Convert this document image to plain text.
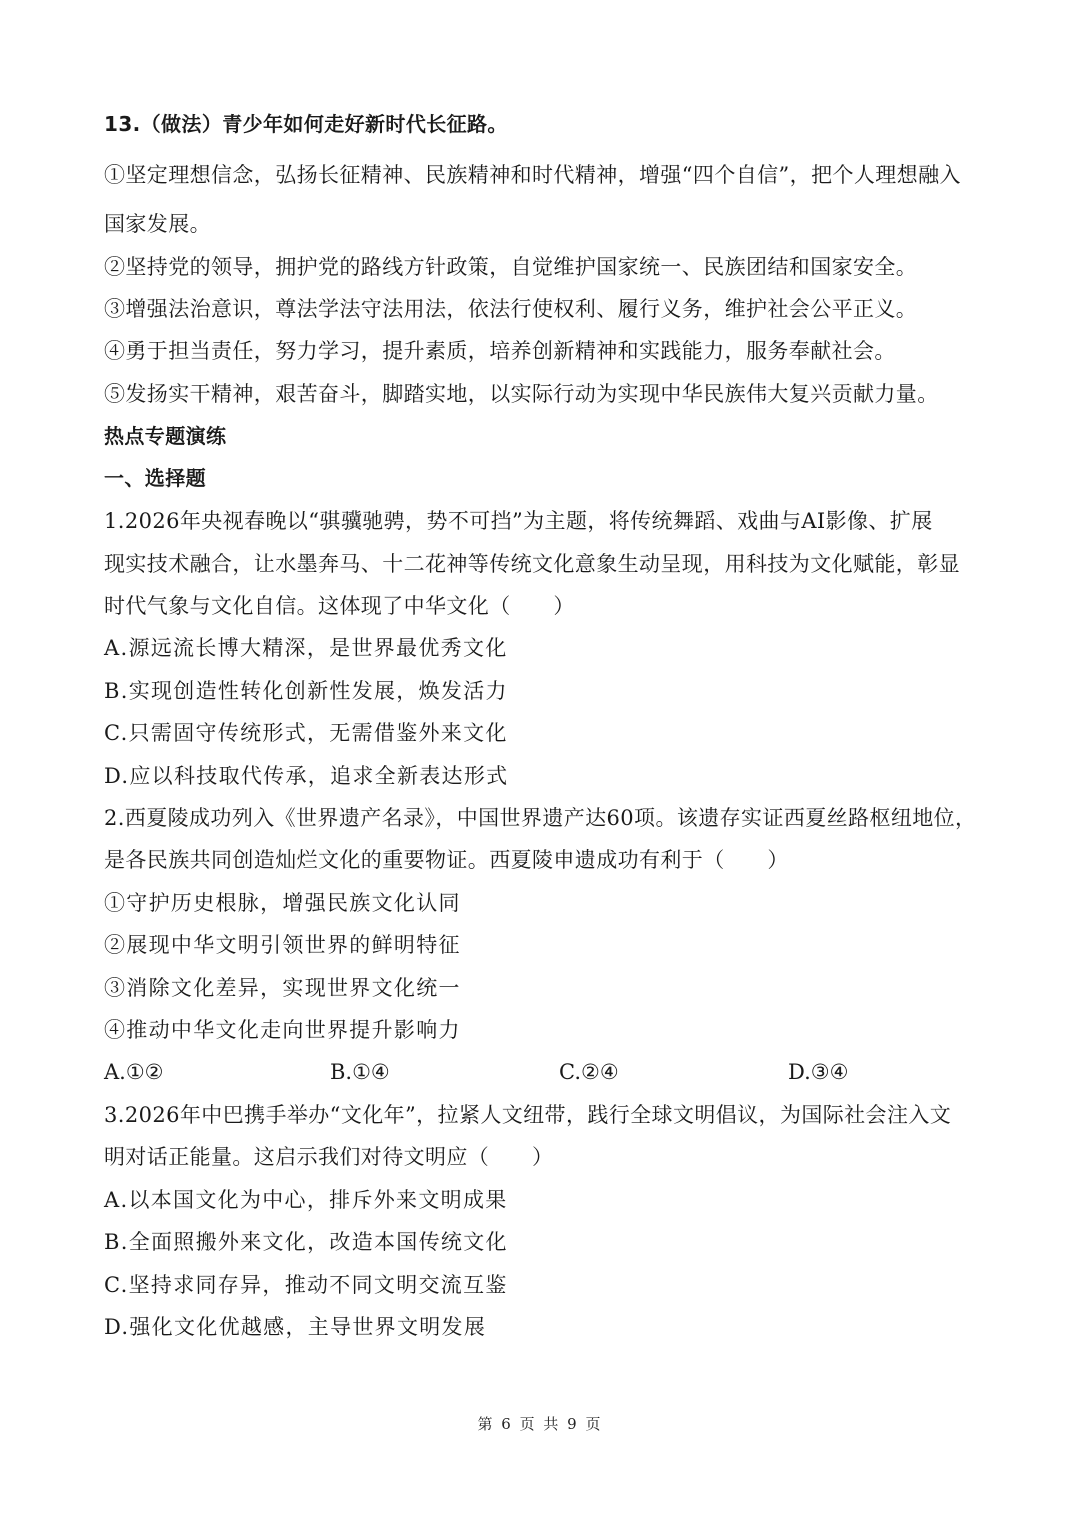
13.（做法）青少年如何走好新时代长征路。
①坚定理想信念，弘扬长征精神、民族精神和时代精神，增强“四个自信”，把个人理想融入
国家发展。
②坚持党的领导，拥护党的路线方针政策，自觉维护国家统一、民族团结和国家安全。
③增强法治意识，尊法学法守法用法，依法行使权利、履行义务，维护社会公平正义。
④勇于担当责任，努力学习，提升素质，培养创新精神和实践能力，服务奉献社会。
⑤发扬实干精神，艰苦奋斗，脚踏实地，以实际行动为实现中华民族伟大复兴贡献力量。
热点专题演练
一、选择题
1.2026年央视春晚以“骐骥驰骋，势不可挡”为主题，将传统舞蹈、戏曲与AI影像、扩展
现实技术融合，让水墨奔马、十二花神等传统文化意象生动呈现，用科技为文化赋能，彰显
时代气象与文化自信。这体现了中华文化（　　）
A.源远流长博大精深，是世界最优秀文化
B.实现创造性转化创新性发展，焕发活力
C.只需固守传统形式，无需借鉴外来文化
D.应以科技取代传承，追求全新表达形式
2.西夏陵成功列入《世界遗产名录》，中国世界遗产达60项。该遗存实证西夏丝路枢纽地位，
是各民族共同创造灿烂文化的重要物证。西夏陵申遗成功有利于（　　）
①守护历史根脉，增强民族文化认同
②展现中华文明引领世界的鲜明特征
③消除文化差异，实现世界文化统一
④推动中华文化走向世界提升影响力
A.①②	B.①④	C.②④	D.③④
3.2026年中巴携手举办“文化年”，拉紧人文纽带，践行全球文明倡议，为国际社会注入文
明对话正能量。这启示我们对待文明应（　　）
A.以本国文化为中心，排斥外来文明成果
B.全面照搬外来文化，改造本国传统文化
C.坚持求同存异，推动不同文明交流互鉴
D.强化文化优越感，主导世界文明发展
第 6 页 共 9 页
